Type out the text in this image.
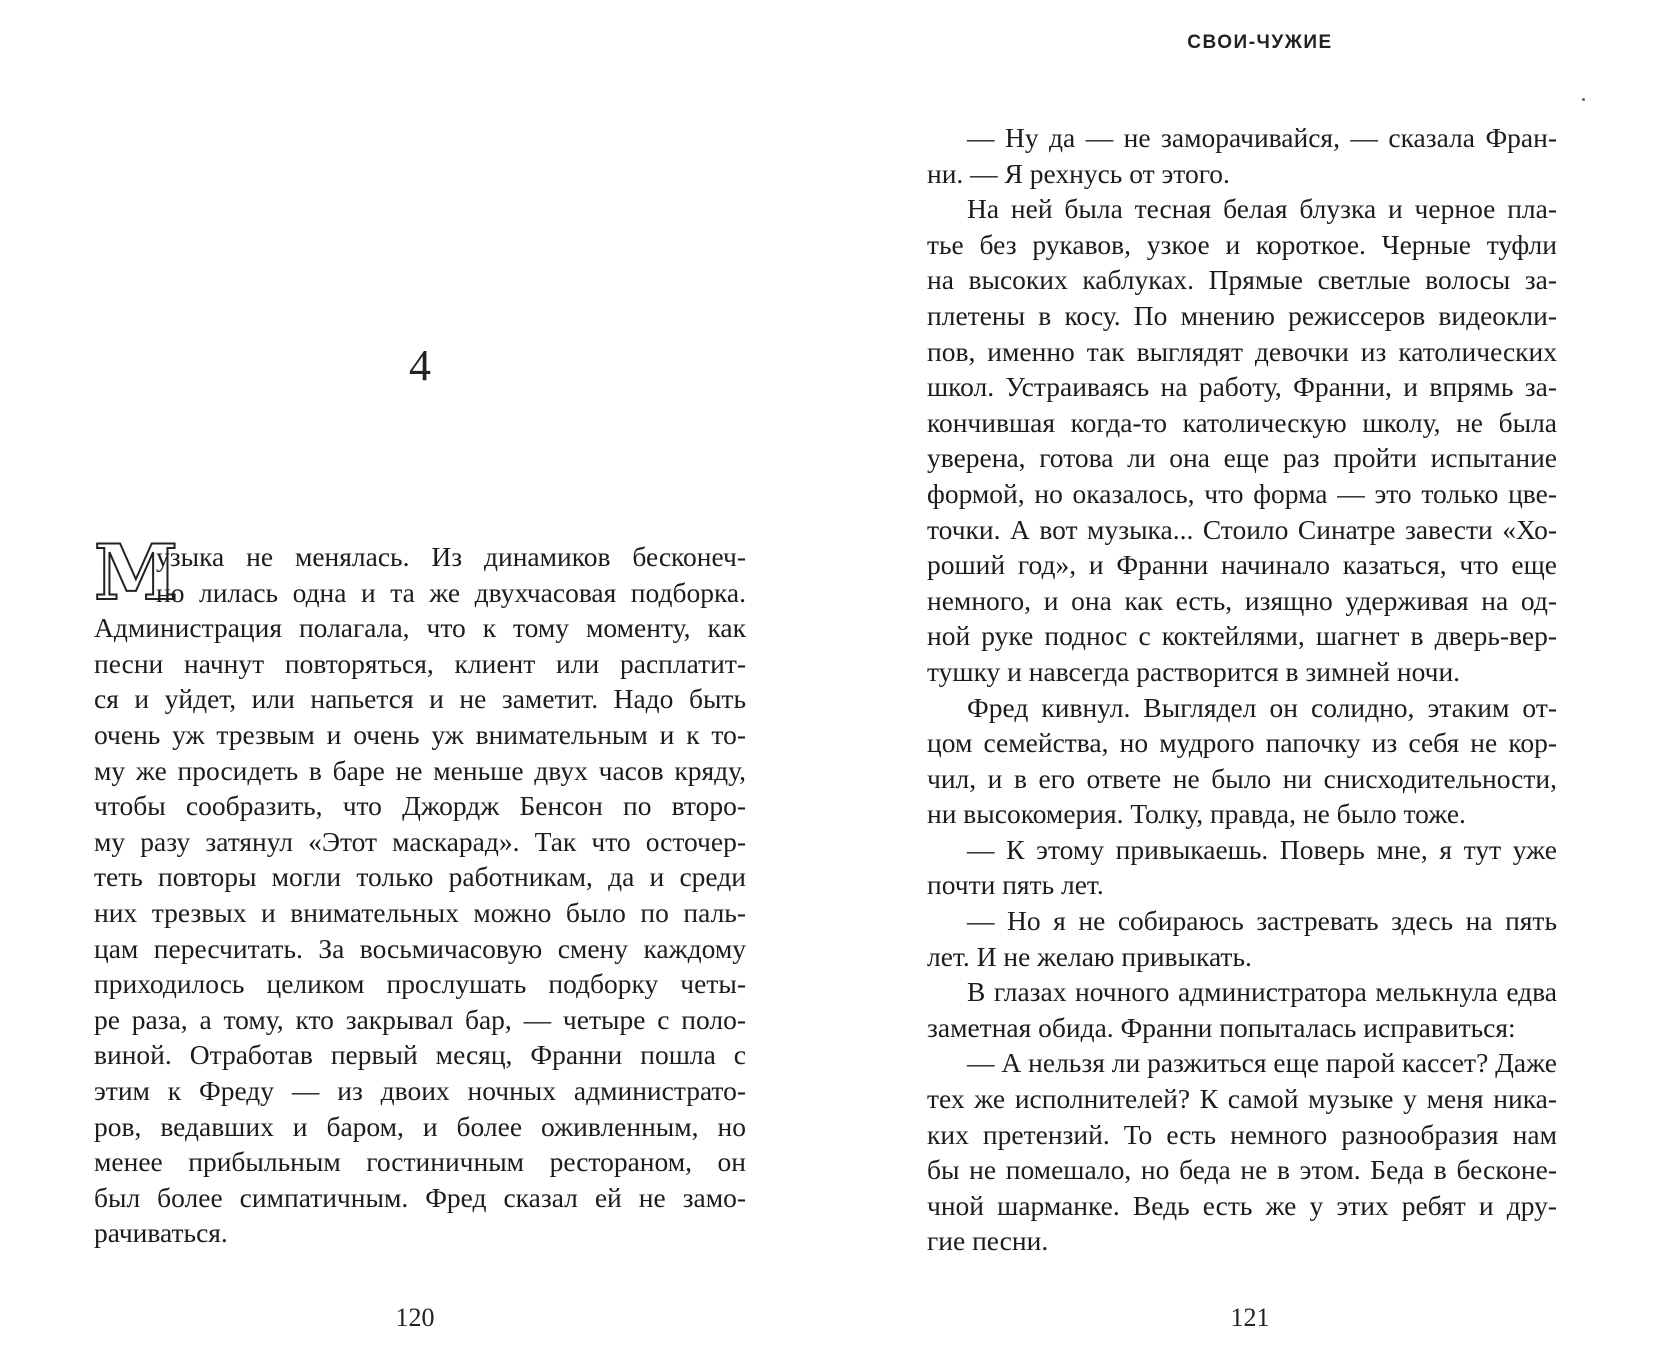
СВОИ-ЧУЖИЕ
4
М
узыка не менялась. Из динамиков бесконеч-
но лилась одна и та же двухчасовая подборка.
Администрация полагала, что к тому моменту, как
песни начнут повторяться, клиент или расплатит-
ся и уйдет, или напьется и не заметит. Надо быть
очень уж трезвым и очень уж внимательным и к то-
му же просидеть в баре не меньше двух часов кряду,
чтобы сообразить, что Джордж Бенсон по второ-
му разу затянул «Этот маскарад». Так что осточер-
теть повторы могли только работникам, да и среди
них трезвых и внимательных можно было по паль-
цам пересчитать. За восьмичасовую смену каждому
приходилось целиком прослушать подборку четы-
ре раза, а тому, кто закрывал бар, — четыре с поло-
виной. Отработав первый месяц, Франни пошла с
этим к Фреду — из двоих ночных администрато-
ров, ведавших и баром, и более оживленным, но
менее прибыльным гостиничным рестораном, он
был более симпатичным. Фред сказал ей не замо-
рачиваться.
— Ну да — не заморачивайся, — сказала Фран-
ни. — Я рехнусь от этого.
На ней была тесная белая блузка и черное пла-
тье без рукавов, узкое и короткое. Черные туфли
на высоких каблуках. Прямые светлые волосы за-
плетены в косу. По мнению режиссеров видеокли-
пов, именно так выглядят девочки из католических
школ. Устраиваясь на работу, Франни, и впрямь за-
кончившая когда-то католическую школу, не была
уверена, готова ли она еще раз пройти испытание
формой, но оказалось, что форма — это только цве-
точки. А вот музыка... Стоило Синатре завести «Хо-
роший год», и Франни начинало казаться, что еще
немного, и она как есть, изящно удерживая на од-
ной руке поднос с коктейлями, шагнет в дверь-вер-
тушку и навсегда растворится в зимней ночи.
Фред кивнул. Выглядел он солидно, этаким от-
цом семейства, но мудрого папочку из себя не кор-
чил, и в его ответе не было ни снисходительности,
ни высокомерия. Толку, правда, не было тоже.
— К этому привыкаешь. Поверь мне, я тут уже
почти пять лет.
— Но я не собираюсь застревать здесь на пять
лет. И не желаю привыкать.
В глазах ночного администратора мелькнула едва
заметная обида. Франни попыталась исправиться:
— А нельзя ли разжиться еще парой кассет? Даже
тех же исполнителей? К самой музыке у меня ника-
ких претензий. То есть немного разнообразия нам
бы не помешало, но беда не в этом. Беда в бесконе-
чной шарманке. Ведь есть же у этих ребят и дру-
гие песни.
120	121
